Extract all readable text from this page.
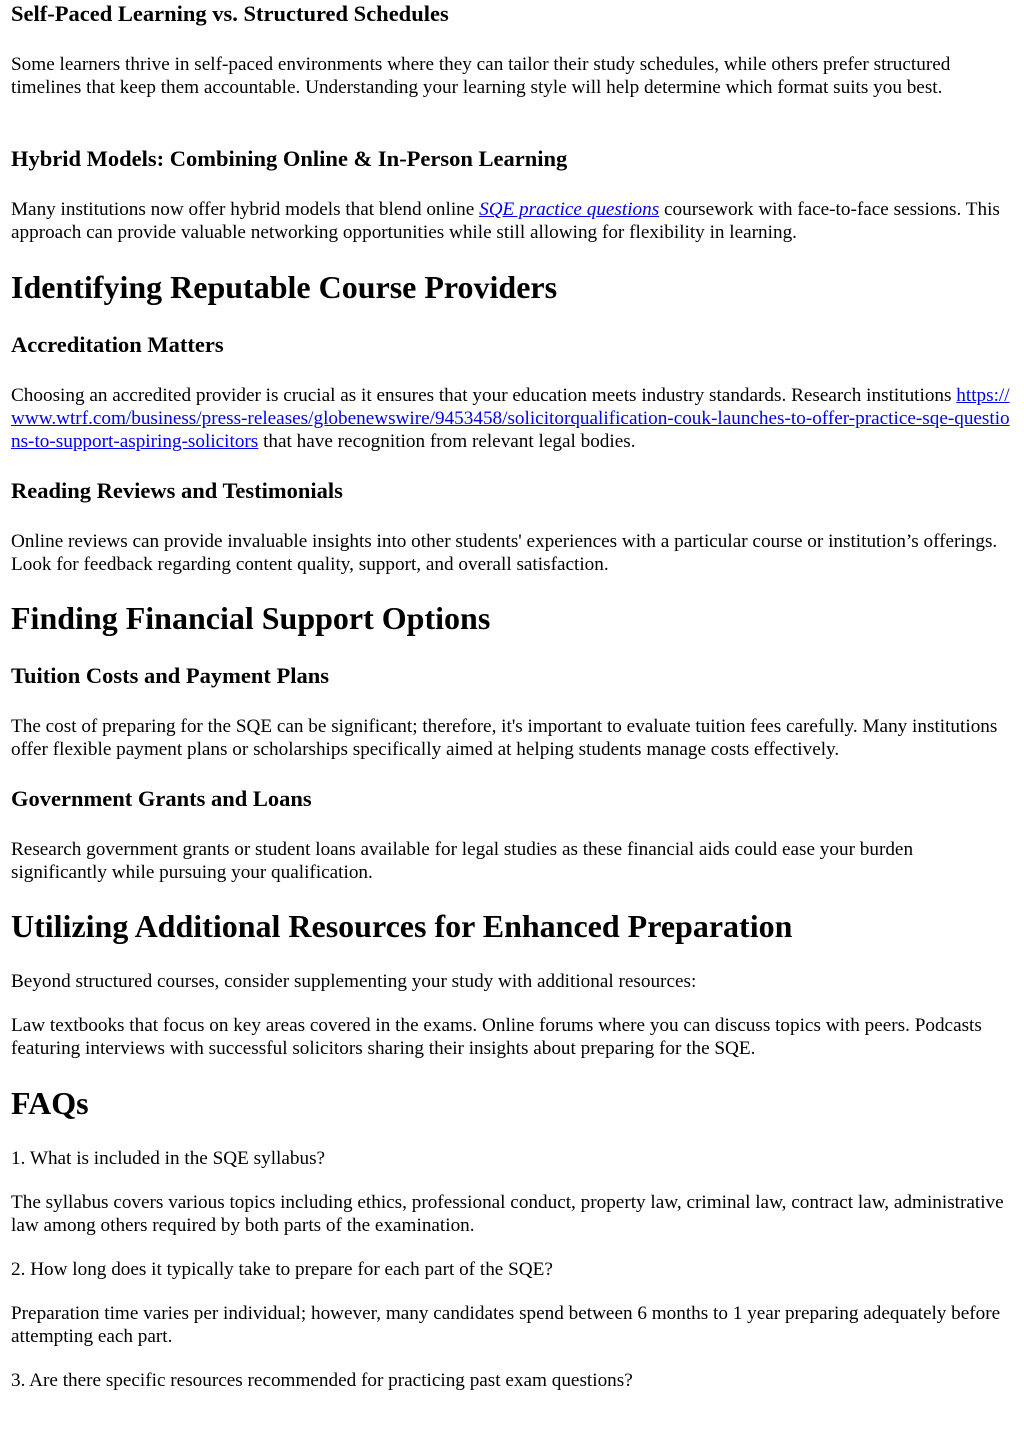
Self-Paced Learning vs. Structured Schedules

Some learners thrive in self-paced environments where they can tailor their study schedules, while others prefer structured timelines that keep them accountable. Understanding your learning style will help determine which format suits you best.

Hybrid Models: Combining Online & In-Person Learning

Many institutions now offer hybrid models that blend online SQE practice questions coursework with face-to-face sessions. This approach can provide valuable networking opportunities while still allowing for flexibility in learning.

Identifying Reputable Course Providers
Accreditation Matters

Choosing an accredited provider is crucial as it ensures that your education meets industry standards. Research institutions https://www.wtrf.com/business/press-releases/globenewswire/9453458/solicitorqualification-couk-launches-to-offer-practice-sqe-questions-to-support-aspiring-solicitors that have recognition from relevant legal bodies.

Reading Reviews and Testimonials

Online reviews can provide invaluable insights into other students' experiences with a particular course or institution’s offerings. Look for feedback regarding content quality, support, and overall satisfaction.

Finding Financial Support Options
Tuition Costs and Payment Plans

The cost of preparing for the SQE can be significant; therefore, it's important to evaluate tuition fees carefully. Many institutions offer flexible payment plans or scholarships specifically aimed at helping students manage costs effectively.

Government Grants and Loans

Research government grants or student loans available for legal studies as these financial aids could ease your burden significantly while pursuing your qualification.

Utilizing Additional Resources for Enhanced Preparation

Beyond structured courses, consider supplementing your study with additional resources:

Law textbooks that focus on key areas covered in the exams. Online forums where you can discuss topics with peers. Podcasts featuring interviews with successful solicitors sharing their insights about preparing for the SQE.

FAQs

1. What is included in the SQE syllabus?

The syllabus covers various topics including ethics, professional conduct, property law, criminal law, contract law, administrative law among others required by both parts of the examination.

2. How long does it typically take to prepare for each part of the SQE?

Preparation time varies per individual; however, many candidates spend between 6 months to 1 year preparing adequately before attempting each part.

3. Are there specific resources recommended for practicing past exam questions?
